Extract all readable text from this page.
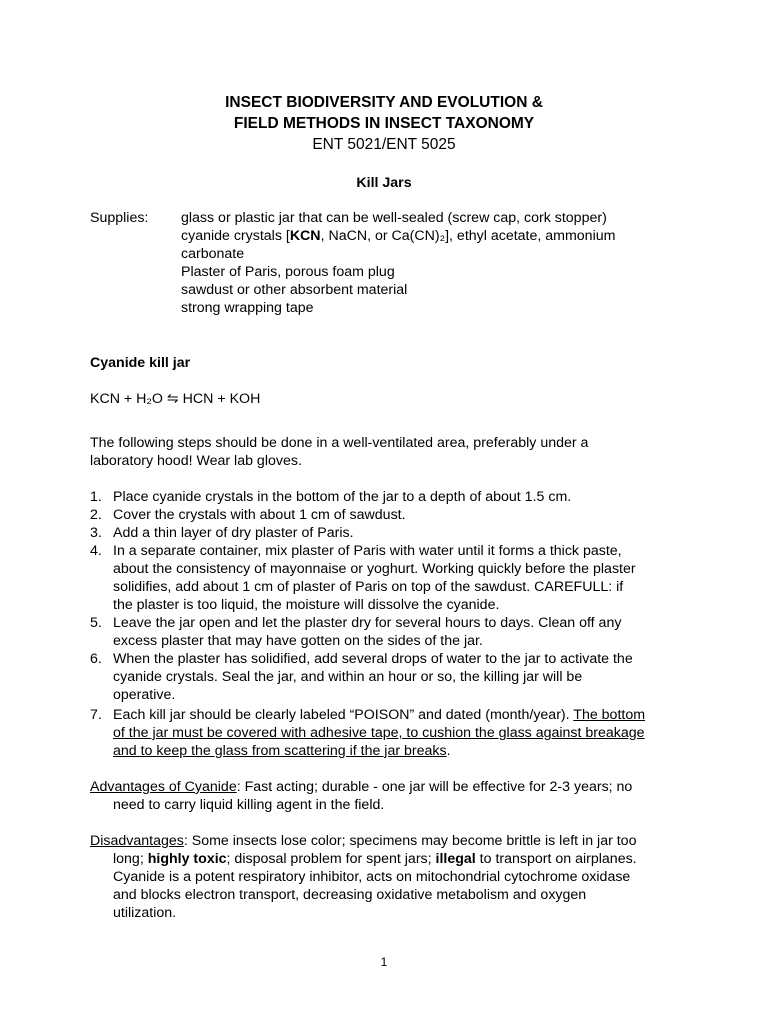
INSECT BIODIVERSITY AND EVOLUTION &
FIELD METHODS IN INSECT TAXONOMY
ENT 5021/ENT 5025
Kill Jars
Supplies: glass or plastic jar that can be well-sealed (screw cap, cork stopper)
cyanide crystals [KCN, NaCN, or Ca(CN)₂], ethyl acetate, ammonium
carbonate
Plaster of Paris, porous foam plug
sawdust or other absorbent material
strong wrapping tape
Cyanide kill jar
KCN + H₂O ⇋ HCN + KOH
The following steps should be done in a well-ventilated area, preferably under a
laboratory hood! Wear lab gloves.
1. Place cyanide crystals in the bottom of the jar to a depth of about 1.5 cm.
2. Cover the crystals with about 1 cm of sawdust.
3. Add a thin layer of dry plaster of Paris.
4. In a separate container, mix plaster of Paris with water until it forms a thick paste,
about the consistency of mayonnaise or yoghurt. Working quickly before the plaster
solidifies, add about 1 cm of plaster of Paris on top of the sawdust. CAREFULL: if
the plaster is too liquid, the moisture will dissolve the cyanide.
5. Leave the jar open and let the plaster dry for several hours to days. Clean off any
excess plaster that may have gotten on the sides of the jar.
6. When the plaster has solidified, add several drops of water to the jar to activate the
cyanide crystals. Seal the jar, and within an hour or so, the killing jar will be
operative.
7. Each kill jar should be clearly labeled “POISON” and dated (month/year). The bottom
of the jar must be covered with adhesive tape, to cushion the glass against breakage
and to keep the glass from scattering if the jar breaks.
Advantages of Cyanide: Fast acting; durable - one jar will be effective for 2-3 years; no
need to carry liquid killing agent in the field.
Disadvantages: Some insects lose color; specimens may become brittle is left in jar too
long; highly toxic; disposal problem for spent jars; illegal to transport on airplanes.
Cyanide is a potent respiratory inhibitor, acts on mitochondrial cytochrome oxidase
and blocks electron transport, decreasing oxidative metabolism and oxygen
utilization.
1
